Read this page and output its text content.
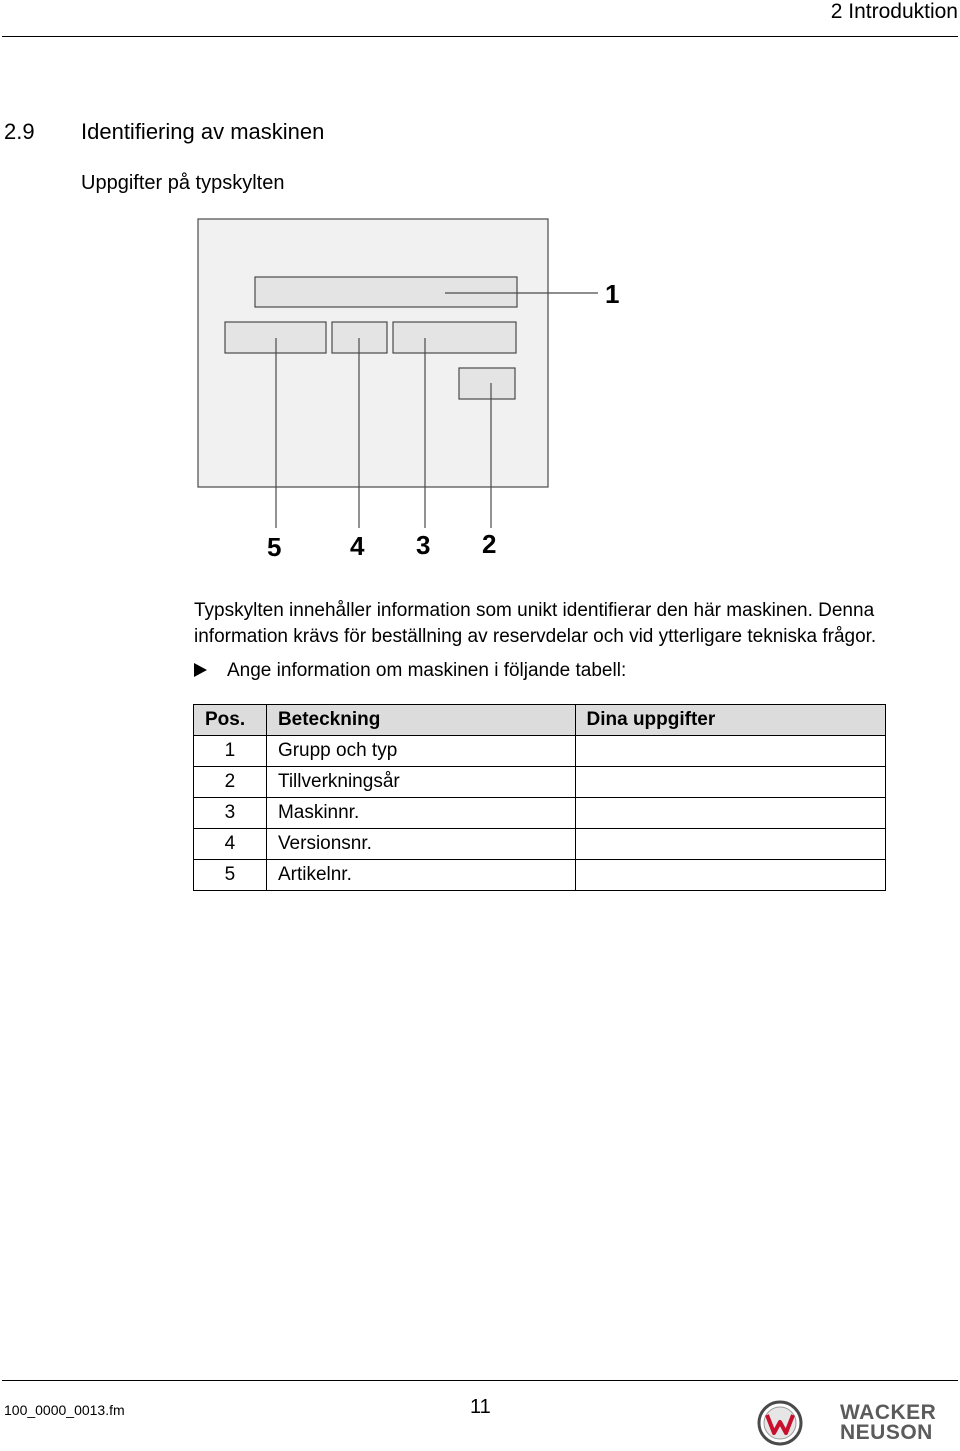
2 Introduktion
2.9 Identifiering av maskinen
Uppgifter på typskylten
1
5	4 3 2

Typskylten innehåller information som unikt identifierar den här maskinen. Denna

information krävs för beställning av reservdelar och vid ytterligare tekniska frågor.

Ange information om maskinen i följande tabell:
Pos.	Beteckning	Dina uppgifter
1	Grupp och typ	
2	Tillverkningsår	
3	Maskinnr.	
4	Versionsnr.	
5	Artikelnr.	
100_0000_0013.fm	11	WACKER
NEUSON
